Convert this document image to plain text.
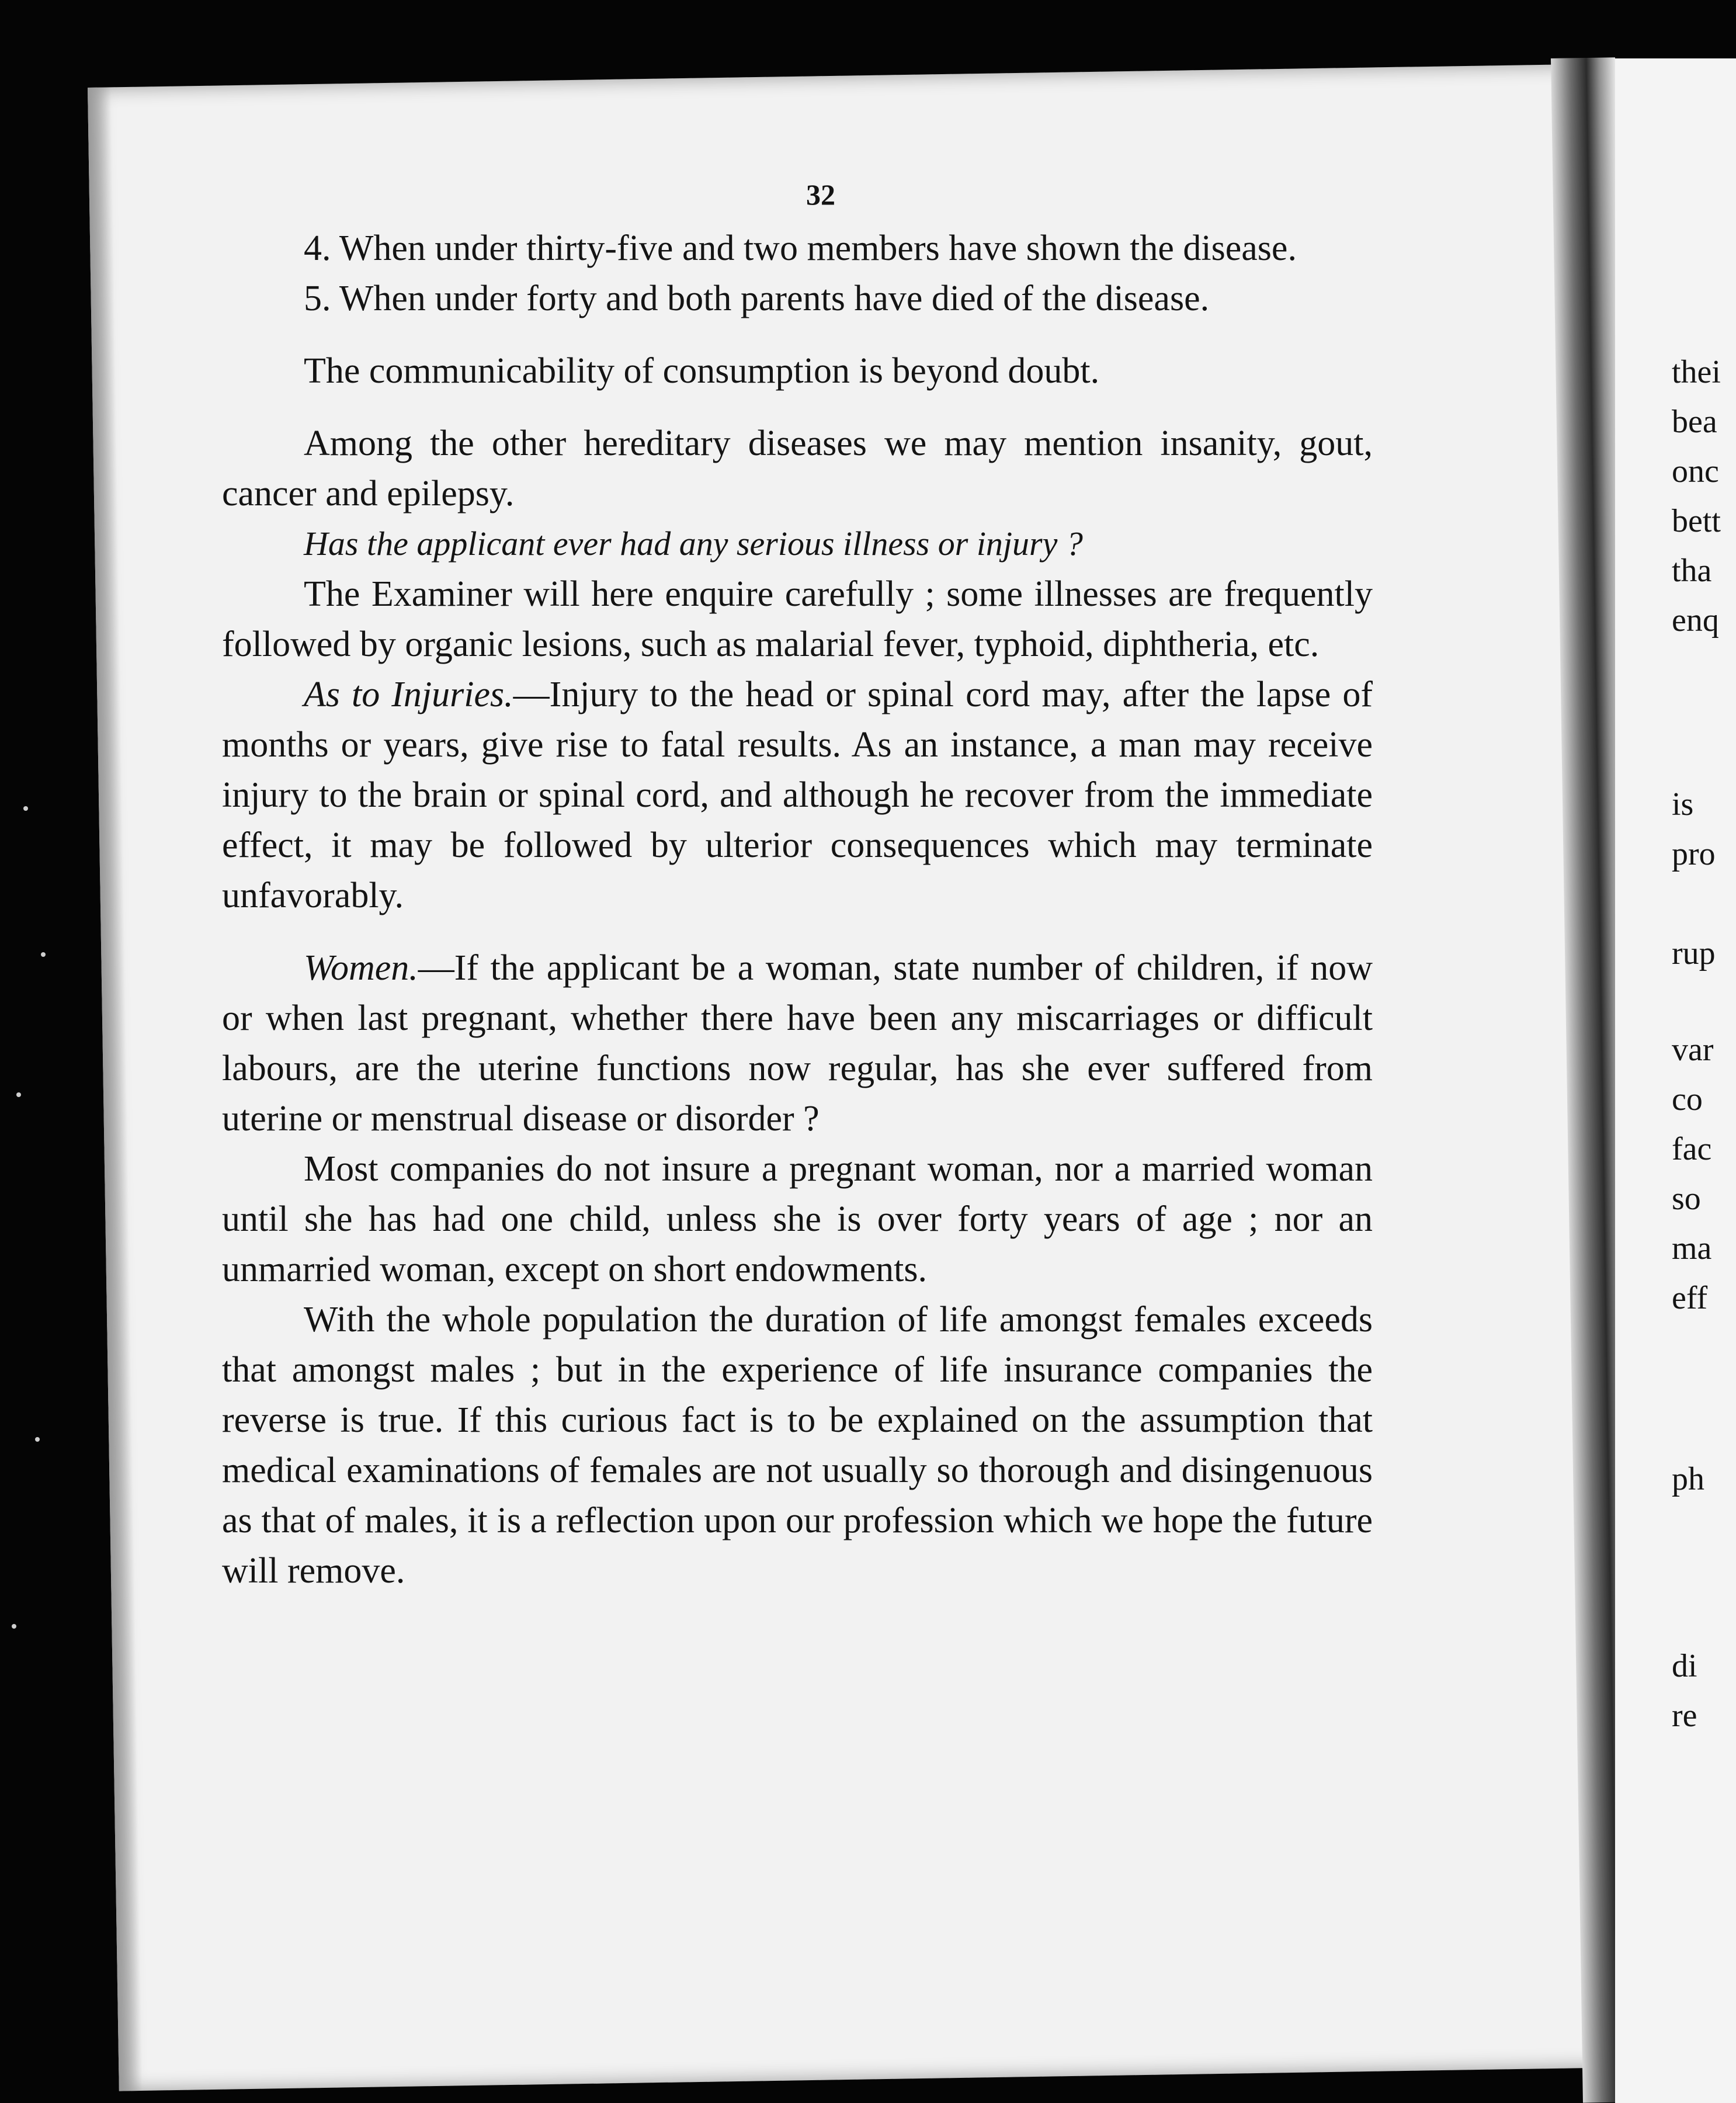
32

4. When under thirty-five and two members have shown the disease.

5. When under forty and both parents have died of the disease.

The communicability of consumption is beyond doubt.

Among the other hereditary diseases we may mention insanity, gout, cancer and epilepsy.

Has the applicant ever had any serious illness or injury ?

The Examiner will here enquire carefully ; some illnesses are frequently followed by organic lesions, such as malarial fever, typhoid, diphtheria, etc.

As to Injuries.—Injury to the head or spinal cord may, after the lapse of months or years, give rise to fatal results. As an instance, a man may receive injury to the brain or spinal cord, and although he recover from the immediate effect, it may be followed by ulterior consequences which may terminate unfavorably.

Women.—If the applicant be a woman, state number of children, if now or when last pregnant, whether there have been any miscarriages or difficult labours, are the uterine functions now regular, has she ever suffered from uterine or menstrual disease or disorder ?

Most companies do not insure a pregnant woman, nor a married woman until she has had one child, unless she is over forty years of age ; nor an unmarried woman, except on short endowments.

With the whole population the duration of life amongst females exceeds that amongst males ; but in the experience of life insurance companies the reverse is true. If this curious fact is to be explained on the assumption that medical examinations of females are not usually so thorough and disingenuous as that of males, it is a reflection upon our profession which we hope the future will remove.

thei
bea
onc
bett
tha
enq
is
pro
rup
var
co
fac
so
ma
eff
ph
di
re
